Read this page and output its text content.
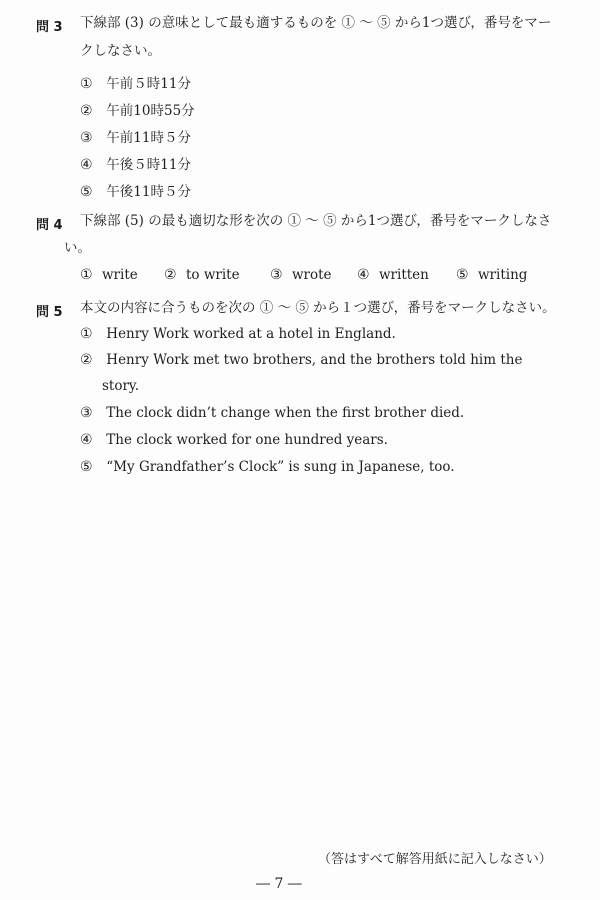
問 3 下線部 (3) の意味として最も適するものを ① ～ ⑤ から1つ選び，番号をマー
クしなさい。
① 午前５時11分
② 午前10時55分
③ 午前11時５分
④ 午後５時11分
⑤ 午後11時５分
問 4 下線部 (5) の最も適切な形を次の ① ～ ⑤ から1つ選び，番号をマークしなさ
い。
① write ② to write ③ wrote ④ written ⑤ writing
問 5 本文の内容に合うものを次の ① ～ ⑤ から１つ選び，番号をマークしなさい。
① Henry Work worked at a hotel in England.
② Henry Work met two brothers, and the brothers told him the
story.
③ The clock didn’t change when the first brother died.
④ The clock worked for one hundred years.
⑤ “My Grandfather’s Clock” is sung in Japanese, too.
（答はすべて解答用紙に記入しなさい）
― 7 ―
